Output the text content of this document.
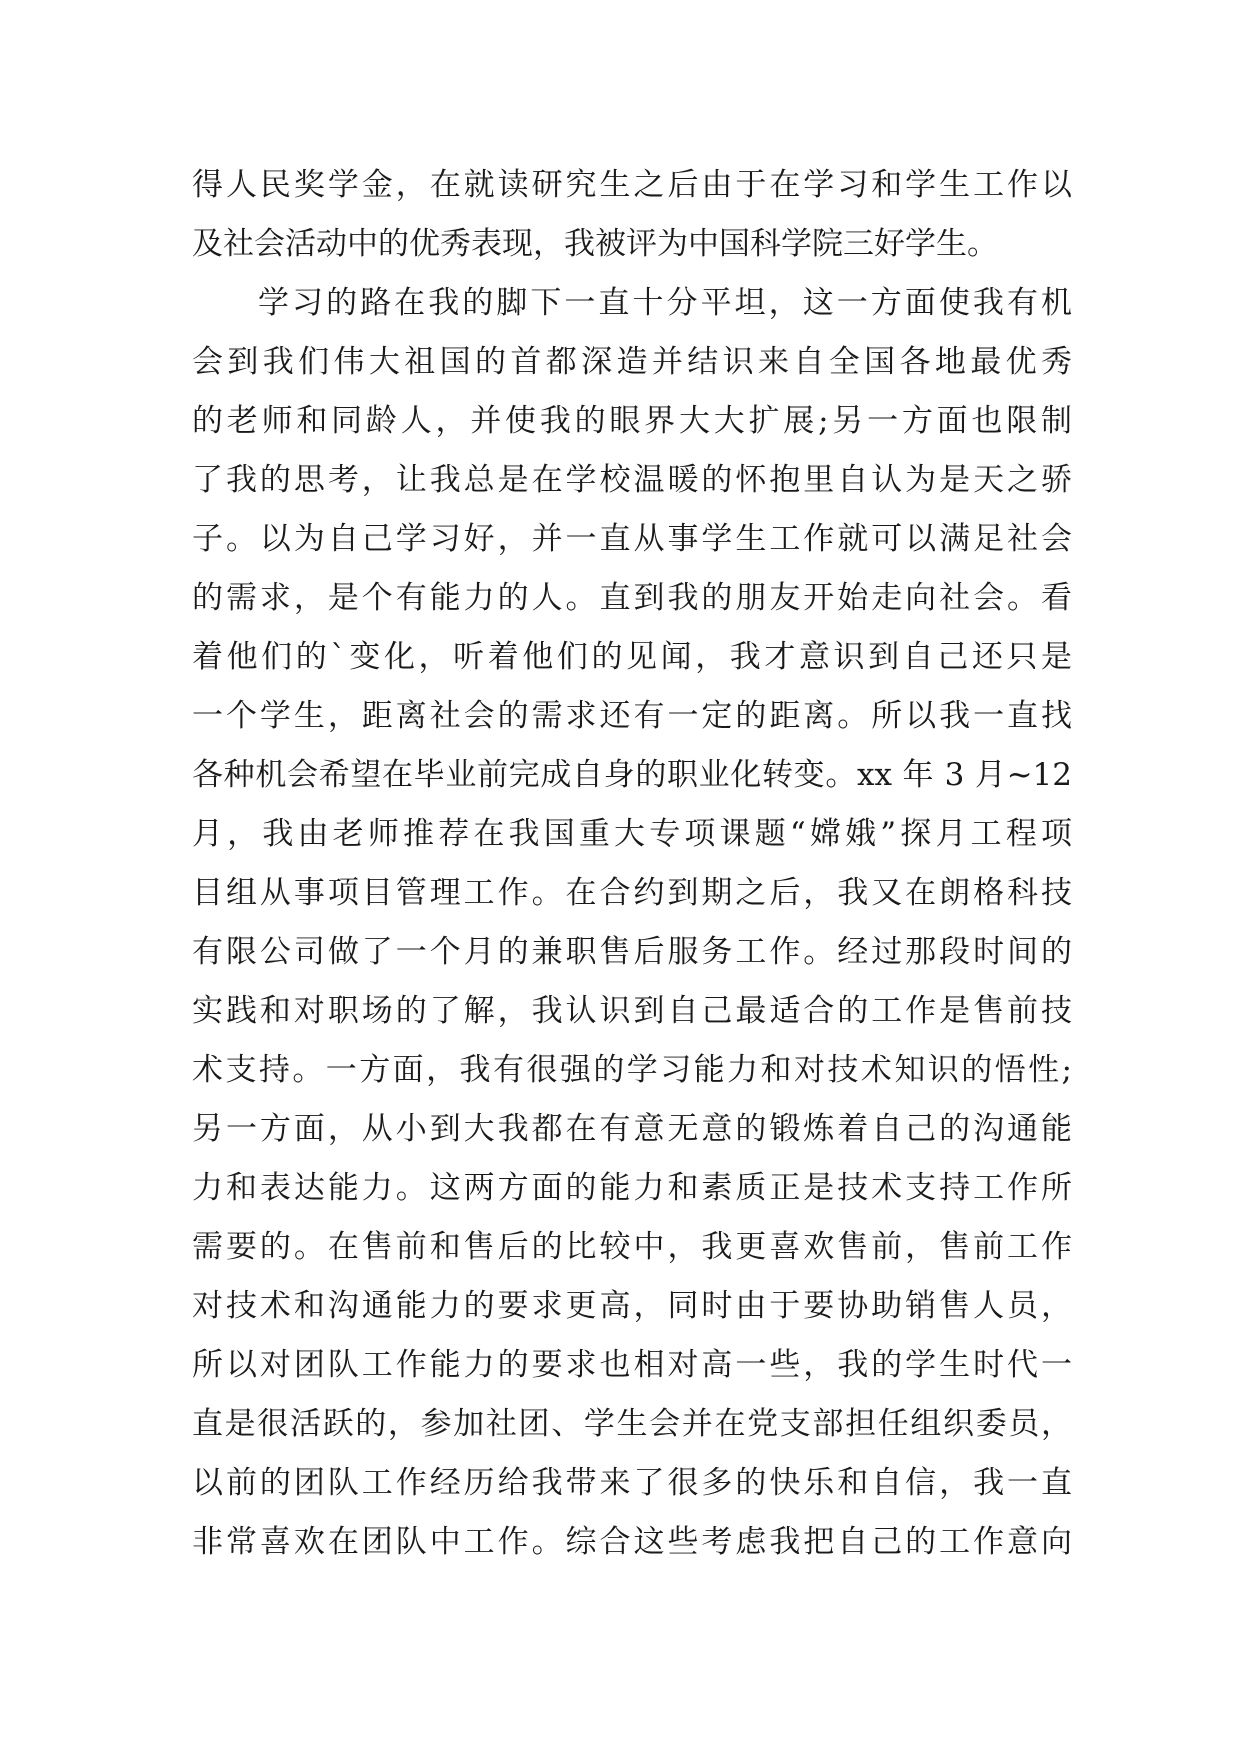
得人民奖学金，在就读研究生之后由于在学习和学生工作以
及社会活动中的优秀表现，我被评为中国科学院三好学生。
学习的路在我的脚下一直十分平坦，这一方面使我有机
会到我们伟大祖国的首都深造并结识来自全国各地最优秀
的老师和同龄人，并使我的眼界大大扩展;另一方面也限制
了我的思考，让我总是在学校温暖的怀抱里自认为是天之骄
子。以为自己学习好，并一直从事学生工作就可以满足社会
的需求，是个有能力的人。直到我的朋友开始走向社会。看
着他们的`变化，听着他们的见闻，我才意识到自己还只是
一个学生，距离社会的需求还有一定的距离。所以我一直找
各种机会希望在毕业前完成自身的职业化转变。xx 年 3 月~12
月，我由老师推荐在我国重大专项课题“嫦娥”探月工程项
目组从事项目管理工作。在合约到期之后，我又在朗格科技
有限公司做了一个月的兼职售后服务工作。经过那段时间的
实践和对职场的了解，我认识到自己最适合的工作是售前技
术支持。一方面，我有很强的学习能力和对技术知识的悟性;
另一方面，从小到大我都在有意无意的锻炼着自己的沟通能
力和表达能力。这两方面的能力和素质正是技术支持工作所
需要的。在售前和售后的比较中，我更喜欢售前，售前工作
对技术和沟通能力的要求更高，同时由于要协助销售人员，
所以对团队工作能力的要求也相对高一些，我的学生时代一
直是很活跃的，参加社团、学生会并在党支部担任组织委员，
以前的团队工作经历给我带来了很多的快乐和自信，我一直
非常喜欢在团队中工作。综合这些考虑我把自己的工作意向
